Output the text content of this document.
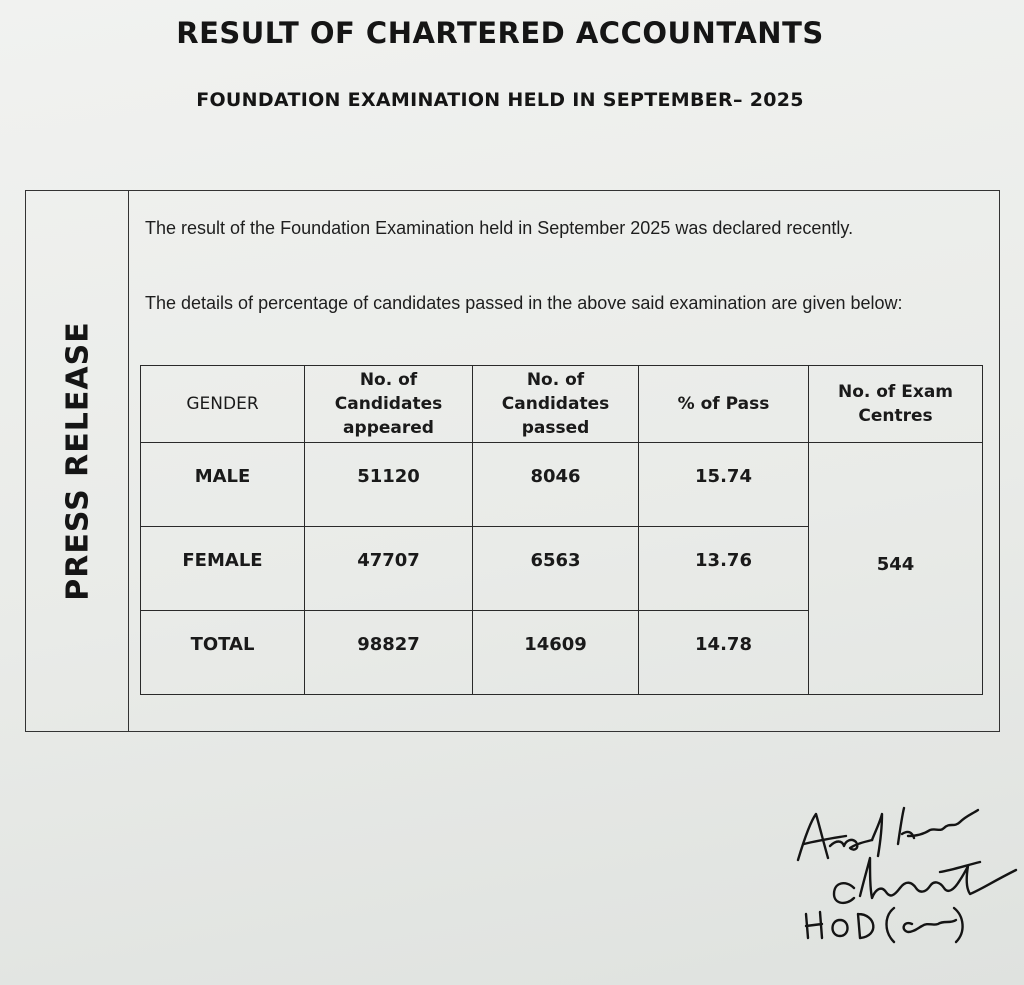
RESULT OF CHARTERED ACCOUNTANTS
FOUNDATION EXAMINATION HELD IN SEPTEMBER– 2025
PRESS RELEASE
The result of the Foundation Examination held in September 2025 was declared recently.
The details of percentage of candidates passed in the above said examination are given below:
GENDER	No. of Candidates appeared	No. of Candidates passed	% of Pass	No. of Exam Centres
MALE	51120	8046	15.74	544
FEMALE	47707	6563	13.76	
TOTAL	98827	14609	14.78	
